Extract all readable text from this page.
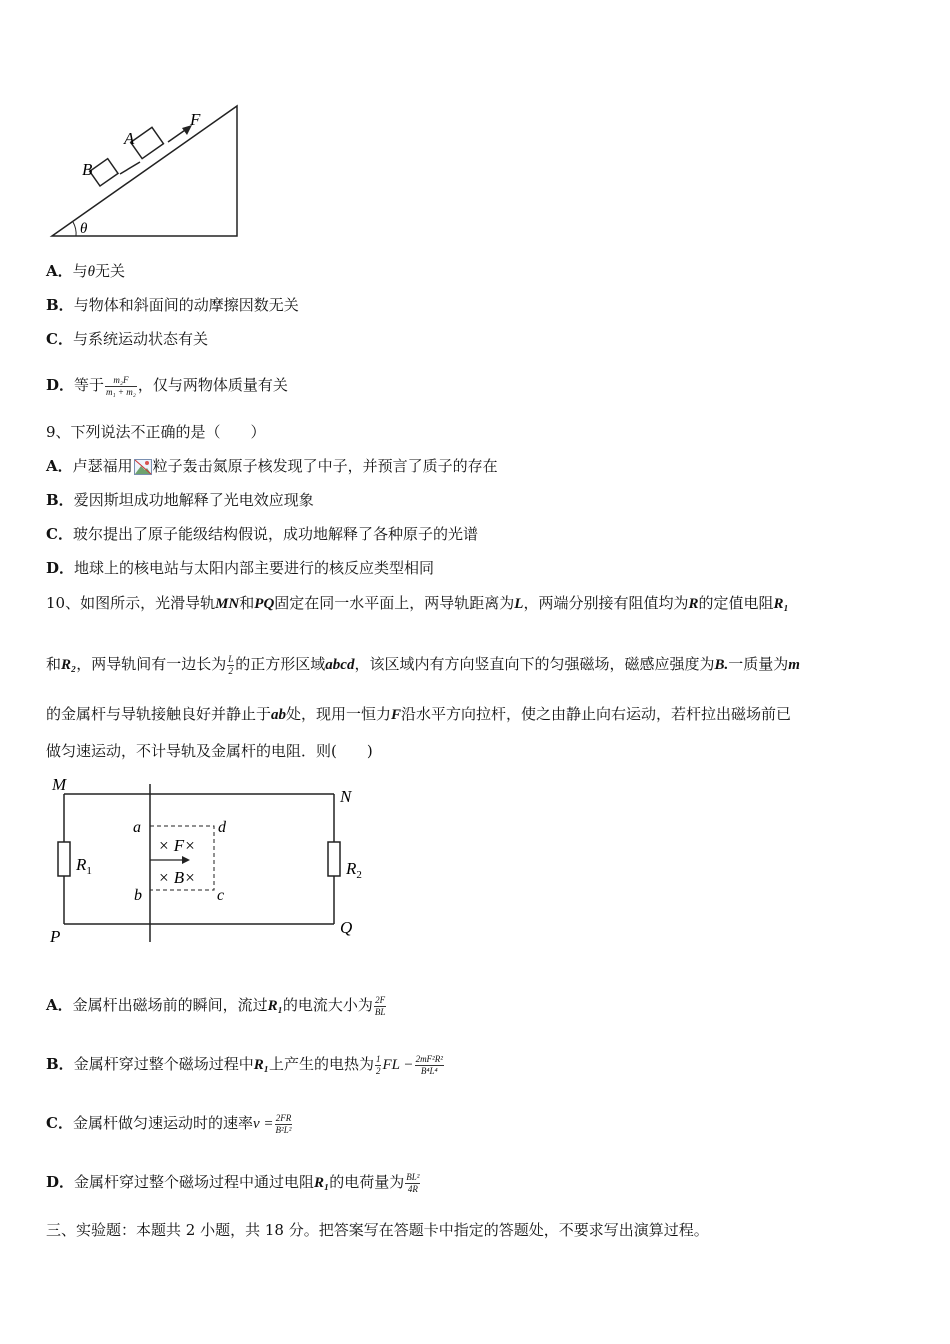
B
A
F
θ
A．与θ无关
B．与物体和斜面间的动摩擦因数无关
C．与系统运动状态有关
D．等于 $\frac{\text{m₂F}}{\text{m₁ + m₂}}$ ，仅与两物体质量有关
9、下列说法不正确的是（　　）
A．卢瑟福用 粒子轰击氮原子核发现了中子，并预言了质子的存在
B．爱因斯坦成功地解释了光电效应现象
C．玻尔提出了原子能级结构假说，成功地解释了各种原子的光谱
D．地球上的核电站与太阳内部主要进行的核反应类型相同
10、如图所示，光滑导轨MN和PQ固定在同一水平面上，两导轨距离为L，两端分别接有阻值均为R的定值电阻R₁
和R₂，两导轨间有一边长为 $\frac{L}{2}$ 的正方形区域abcd，该区域内有方向竖直向下的匀强磁场，磁感应强度为B.一质量为m
的金属杆与导轨接触良好并静止于ab处，现用一恒力F沿水平方向拉杆，使之由静止向右运动，若杆拉出磁场前已
做匀速运动，不计导轨及金属杆的电阻．则(　　)
M
N
P	Q
a	d
b	c
$R_1$	$R_2$
× F×
× B×
A．金属杆出磁场前的瞬间，流过R₁的电流大小为 $\frac{2F}{BL}$
B．金属杆穿过整个磁场过程中R₁上产生的电热为 $\frac{1}{2}$ FL − $\frac{\text{2mF²R²}}{\text{B⁴L⁴}}$
C．金属杆做匀速运动时的速率$v = \frac{2FR}{\text{B²L²}}$
D．金属杆穿过整个磁场过程中通过电阻R₁的电荷量为 $\frac{\text{BL²}}{4R}$
三、实验题：本题共 2 小题，共 18 分。把答案写在答题卡中指定的答题处，不要求写出演算过程。
